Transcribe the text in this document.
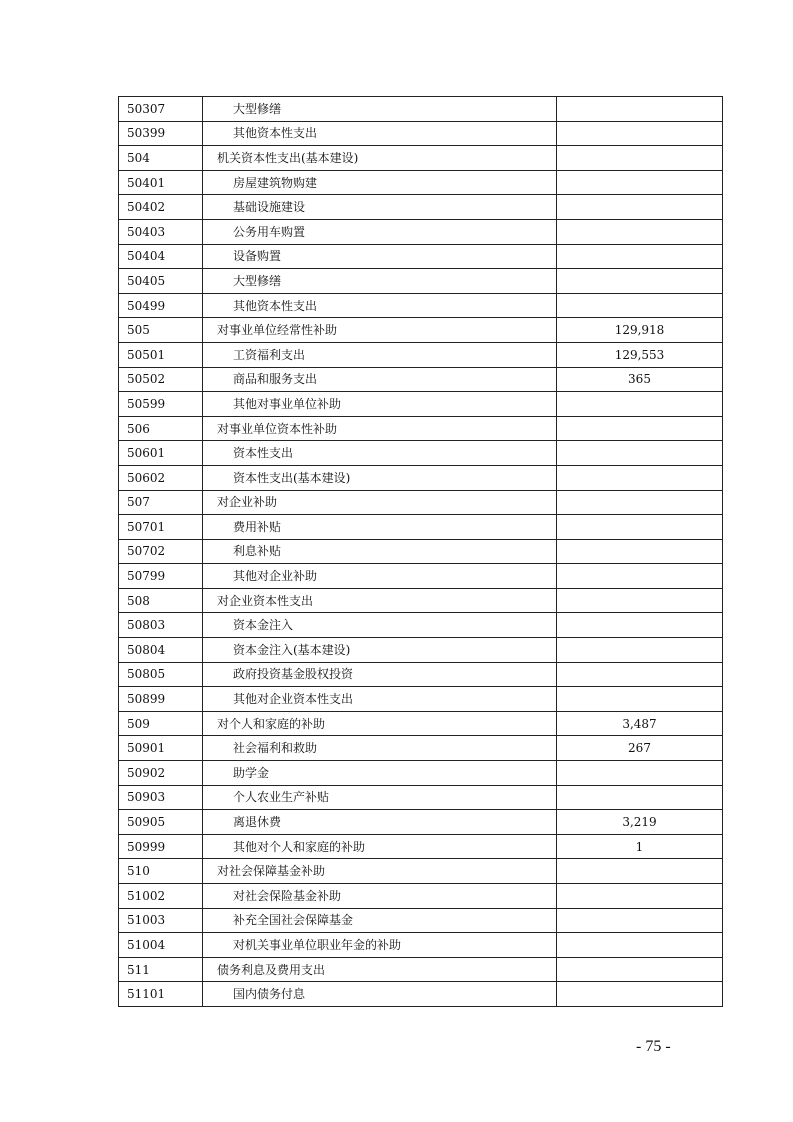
50307	大型修缮	
50399	其他资本性支出	
504	机关资本性支出(基本建设)	
50401	房屋建筑物购建	
50402	基础设施建设	
50403	公务用车购置	
50404	设备购置	
50405	大型修缮	
50499	其他资本性支出	
505	对事业单位经常性补助	129,918
50501	工资福利支出	129,553
50502	商品和服务支出	365
50599	其他对事业单位补助	
506	对事业单位资本性补助	
50601	资本性支出	
50602	资本性支出(基本建设)	
507	对企业补助	
50701	费用补贴	
50702	利息补贴	
50799	其他对企业补助	
508	对企业资本性支出	
50803	资本金注入	
50804	资本金注入(基本建设)	
50805	政府投资基金股权投资	
50899	其他对企业资本性支出	
509	对个人和家庭的补助	3,487
50901	社会福利和救助	267
50902	助学金	
50903	个人农业生产补贴	
50905	离退休费	3,219
50999	其他对个人和家庭的补助	1
510	对社会保障基金补助	
51002	对社会保险基金补助	
51003	补充全国社会保障基金	
51004	对机关事业单位职业年金的补助	
511	债务利息及费用支出	
51101	国内债务付息	
- 75 -
